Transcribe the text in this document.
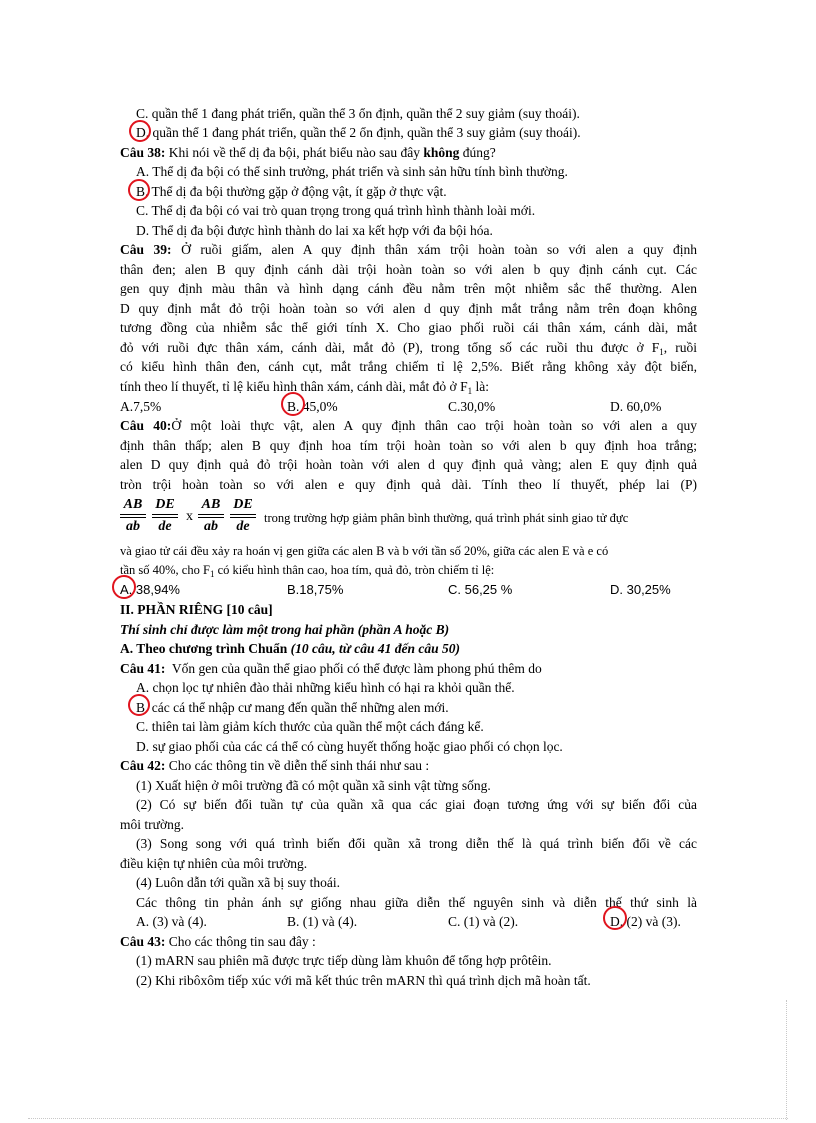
C. quần thể 1 đang phát triển, quần thể 3 ổn định, quần thể 2 suy giảm (suy thoái).
D. quần thể 1 đang phát triển, quần thể 2 ổn định, quần thể 3 suy giảm (suy thoái).
Câu 38: Khi nói về thể dị đa bội, phát biểu nào sau đây không đúng?
A. Thể dị đa bội có thể sinh trưởng, phát triển và sinh sản hữu tính bình thường.
B. Thể dị đa bội thường gặp ở động vật, ít gặp ở thực vật.
C. Thể dị đa bội có vai trò quan trọng trong quá trình hình thành loài mới.
D. Thể dị đa bội được hình thành do lai xa kết hợp với đa bội hóa.
Câu 39: Ở ruồi giấm, alen A quy định thân xám trội hoàn toàn so với alen a quy định
thân đen; alen B quy định cánh dài trội hoàn toàn so với alen b quy định cánh cụt. Các
gen quy định màu thân và hình dạng cánh đều nằm trên một nhiễm sắc thể thường. Alen
D quy định mắt đỏ trội hoàn toàn so với alen d quy định mắt trắng nằm trên đoạn không
tương đồng của nhiễm sắc thể giới tính X. Cho giao phối ruồi cái thân xám, cánh dài, mắt
đỏ với ruồi đực thân xám, cánh dài, mắt đỏ (P), trong tổng số các ruồi thu được ở $F_1$, ruồi
có kiểu hình thân đen, cánh cụt, mắt trắng chiếm tỉ lệ 2,5%. Biết rằng không xảy đột biến,
tính theo lí thuyết, tỉ lệ kiểu hình thân xám, cánh dài, mắt đỏ ở $F_1$ là:
A.7,5%	B. 45,0%	C.30,0%	D. 60,0%
Câu 40:Ở một loài thực vật, alen A quy định thân cao trội hoàn toàn so với alen a quy
định thân thấp; alen B quy định hoa tím trội hoàn toàn so với alen b quy định hoa trắng;
alen D quy định quả đỏ trội hoàn toàn với alen d quy định quả vàng; alen E quy định quả
tròn trội hoàn toàn so với alen e quy định quả dài. Tính theo lí thuyết, phép lai (P)
$\frac{AB}{ab} \frac{DE}{de}$ x $\frac{AB}{ab} \frac{DE}{de}$ trong trường hợp giảm phân bình thường, quá trình phát sinh giao tử đực
và giao tử cái đều xảy ra hoán vị gen giữa các alen B và b với tần số 20%, giữa các alen E và e có
tần số 40%, cho $F_1$ có kiểu hình thân cao, hoa tím, quả đỏ, tròn chiếm tỉ lệ:
A. 38,94%	B.18,75%	C. 56,25 %	D. 30,25%
II. PHẦN RIÊNG [10 câu]
Thí sinh chỉ được làm một trong hai phần (phần A hoặc B)
A. Theo chương trình Chuẩn (10 câu, từ câu 41 đến câu 50)
Câu 41: Vốn gen của quần thể giao phối có thể được làm phong phú thêm do
A. chọn lọc tự nhiên đào thải những kiểu hình có hại ra khỏi quần thể.
B. các cá thể nhập cư mang đến quần thể những alen mới.
C. thiên tai làm giảm kích thước của quần thể một cách đáng kể.
D. sự giao phối của các cá thể có cùng huyết thống hoặc giao phối có chọn lọc.
Câu 42: Cho các thông tin về diễn thế sinh thái như sau :
(1) Xuất hiện ở môi trường đã có một quần xã sinh vật từng sống.
(2) Có sự biến đổi tuần tự của quần xã qua các giai đoạn tương ứng với sự biến đổi của
môi trường.
(3) Song song với quá trình biến đổi quần xã trong diễn thế là quá trình biến đổi về các
điều kiện tự nhiên của môi trường.
(4) Luôn dẫn tới quần xã bị suy thoái.
Các thông tin phản ánh sự giống nhau giữa diễn thế nguyên sinh và diễn thế thứ sinh là
A. (3) và (4).	B. (1) và (4).	C. (1) và (2).	D. (2) và (3).
Câu 43: Cho các thông tin sau đây :
(1) mARN sau phiên mã được trực tiếp dùng làm khuôn để tổng hợp prôtêin.
(2) Khi ribôxôm tiếp xúc với mã kết thúc trên mARN thì quá trình dịch mã hoàn tất.
